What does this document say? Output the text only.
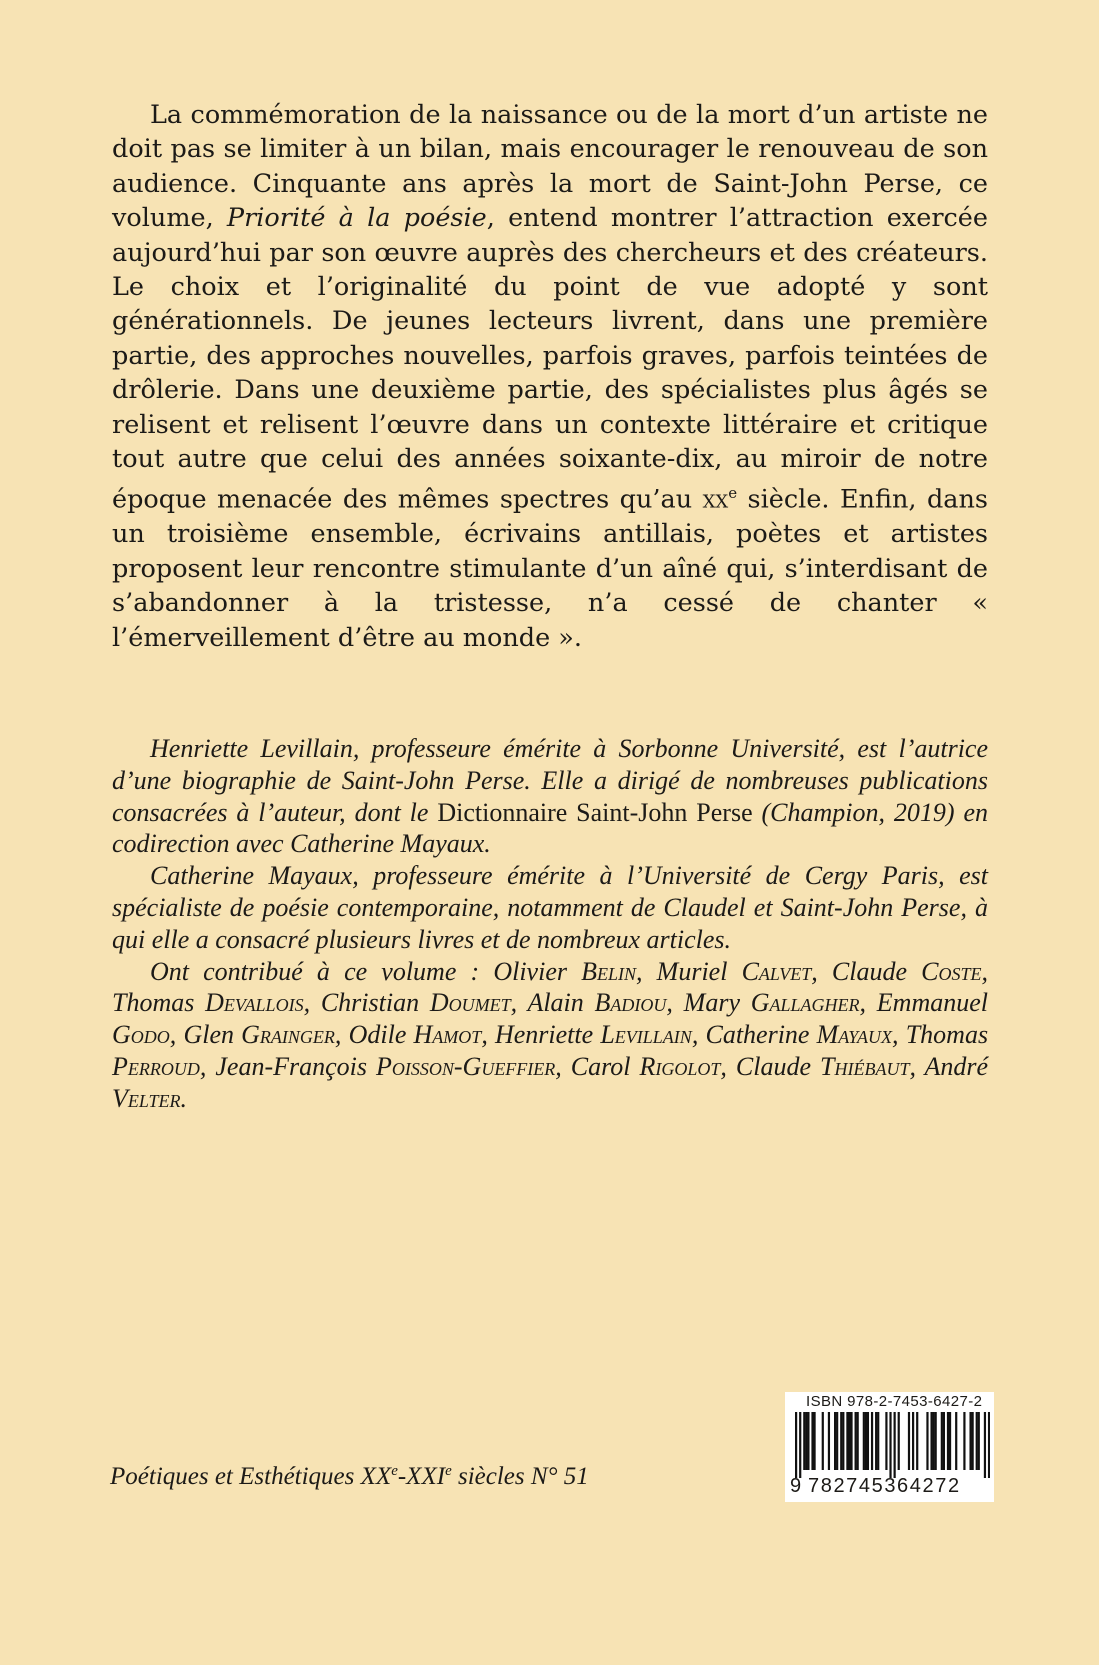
La commémoration de la naissance ou de la mort d’un artiste ne doit pas se limiter à un bilan, mais encourager le renouveau de son audience. Cinquante ans après la mort de Saint-John Perse, ce volume, Priorité à la poésie, entend montrer l’attraction exercée aujourd’hui par son œuvre auprès des chercheurs et des créateurs. Le choix et l’originalité du point de vue adopté y sont générationnels. De jeunes lecteurs livrent, dans une première partie, des approches nouvelles, parfois graves, parfois teintées de drôlerie. Dans une deuxième partie, des spécialistes plus âgés se relisent et relisent l’œuvre dans un contexte littéraire et critique tout autre que celui des années soixante-dix, au miroir de notre époque menacée des mêmes spectres qu’au $xx^e$ siècle. Enfin, dans un troisième ensemble, écrivains antillais, poètes et artistes proposent leur rencontre stimulante d’un aîné qui, s’interdisant de s’abandonner à la tristesse, n’a cessé de chanter « l’émerveillement d’être au monde ».

Henriette Levillain, professeure émérite à Sorbonne Université, est l’autrice d’une biographie de Saint-John Perse. Elle a dirigé de nombreuses publications consacrées à l’auteur, dont le Dictionnaire Saint-John Perse (Champion, 2019) en codirection avec Catherine Mayaux.

Catherine Mayaux, professeure émérite à l’Université de Cergy Paris, est spécialiste de poésie contemporaine, notamment de Claudel et Saint-John Perse, à qui elle a consacré plusieurs livres et de nombreux articles.

Ont contribué à ce volume : Olivier Belin, Muriel Calvet, Claude Coste, Thomas Devallois, Christian Doumet, Alain Badiou, Mary Gallagher, Emmanuel Godo, Glen Grainger, Odile Hamot, Henriette Levillain, Catherine Mayaux, Thomas Perroud, Jean-François Poisson-Gueffier, Carol Rigolot, Claude Thiébaut, André Velter.

Poétiques et Esthétiques XXe-XXIe siècles N° 51
ISBN 978-2-7453-6427-2
9 782745364272
